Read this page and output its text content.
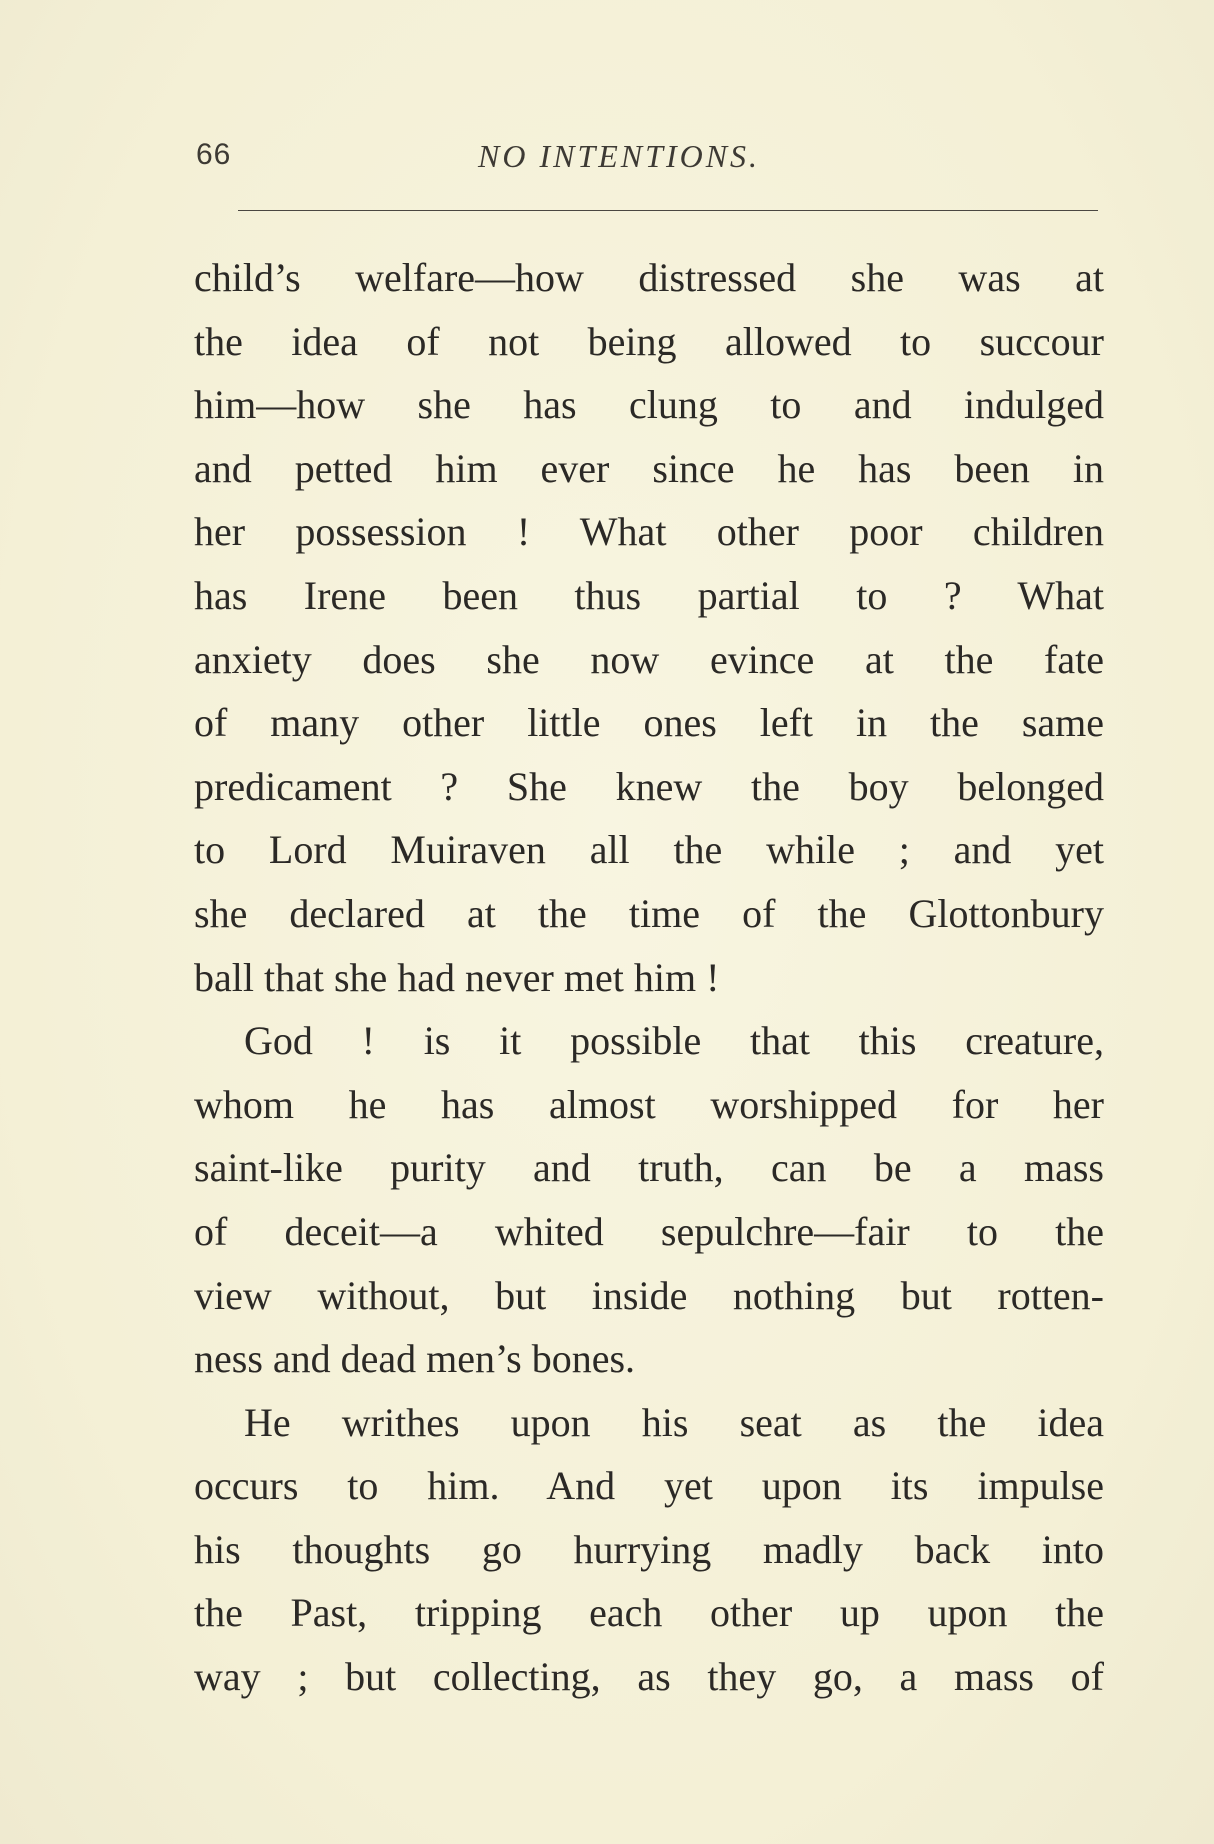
66	NO INTENTIONS.
child’s welfare—how distressed she was at
the idea of not being allowed to succour
him—how she has clung to and indulged
and petted him ever since he has been in
her possession ! What other poor children
has Irene been thus partial to ? What
anxiety does she now evince at the fate
of many other little ones left in the same
predicament ? She knew the boy belonged
to Lord Muiraven all the while ; and yet
she declared at the time of the Glottonbury
ball that she had never met him !
God ! is it possible that this creature,
whom he has almost worshipped for her
saint-like purity and truth, can be a mass
of deceit—a whited sepulchre—fair to the
view without, but inside nothing but rotten-
ness and dead men’s bones.
He writhes upon his seat as the idea
occurs to him. And yet upon its impulse
his thoughts go hurrying madly back into
the Past, tripping each other up upon the
way ; but collecting, as they go, a mass of
